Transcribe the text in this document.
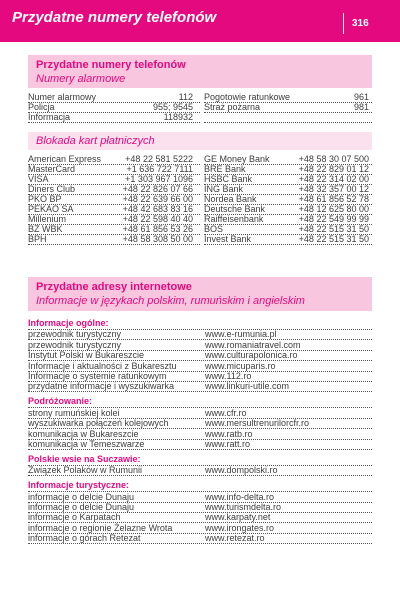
Przydatne numery telefonów	316
Przydatne numery telefonów
Numery alarmowe
Numer alarmowy	112	Pogotowie ratunkowe	961
Policja	955; 9545	Straż pożarna	981
Informacja	118932
Blokada kart płatniczych
American Express	+48 22 581 5222	GE Money Bank	+48 58 30 07 500
MasterCard	+1 636 722 7111	BRE Bank	+48 22 829 01 12
VISA	+1 303 967 1096	HSBC Bank	+48 22 314 02 00
Diners Club	+48 22 826 07 66	ING Bank	+48 32 357 00 12
PKO BP	+48 22 639 66 00	Nordea Bank	+48 61 856 52 78
PEKAO SA	+48 42 683 83 16	Deutsche Bank	+48 12 625 80 00
Millenium	+48 22 598 40 40	Raiffeisenbank	+48 22 549 99 99
BZ WBK	+48 61 856 53 26	BOŚ	+48 22 515 31 50
BPH	+48 58 308 50 00	Invest Bank	+48 22 515 31 50
Przydatne adresy internetowe
Informacje w językach polskim, rumuńskim i angielskim
Informacje ogólne:
przewodnik turystyczny	www.e-rumunia.pl
przewodnik turystyczny	www.romaniatravel.com
Instytut Polski w Bukareszcie	www.culturapolonica.ro
Informacje i aktualności z Bukaresztu	www.micuparis.ro
Informacje o systemie ratunkowym	www.112.ro
przydatne informacje i wyszukiwarka	www.linkuri-utile.com
Podróżowanie:
strony rumuńskiej kolei	www.cfr.ro
wyszukiwarka połączeń kolejowych	www.mersultrenurilorcfr.ro
komunikacja w Bukareszcie	www.ratb.ro
komunikacja w Temeszwarze	www.ratt.ro
Polskie wsie na Suczawie:
Związek Polaków w Rumunii	www.dompolski.ro
Informacje turystyczne:
informacje o delcie Dunaju	www.info-delta.ro
informacje o delcie Dunaju	www.turismdelta.ro
informacje o Karpatach	www.karpaty.net
informacje o regionie Żelazne Wrota	www.irongates.ro
informacje o górach Retezat	www.retezat.ro
